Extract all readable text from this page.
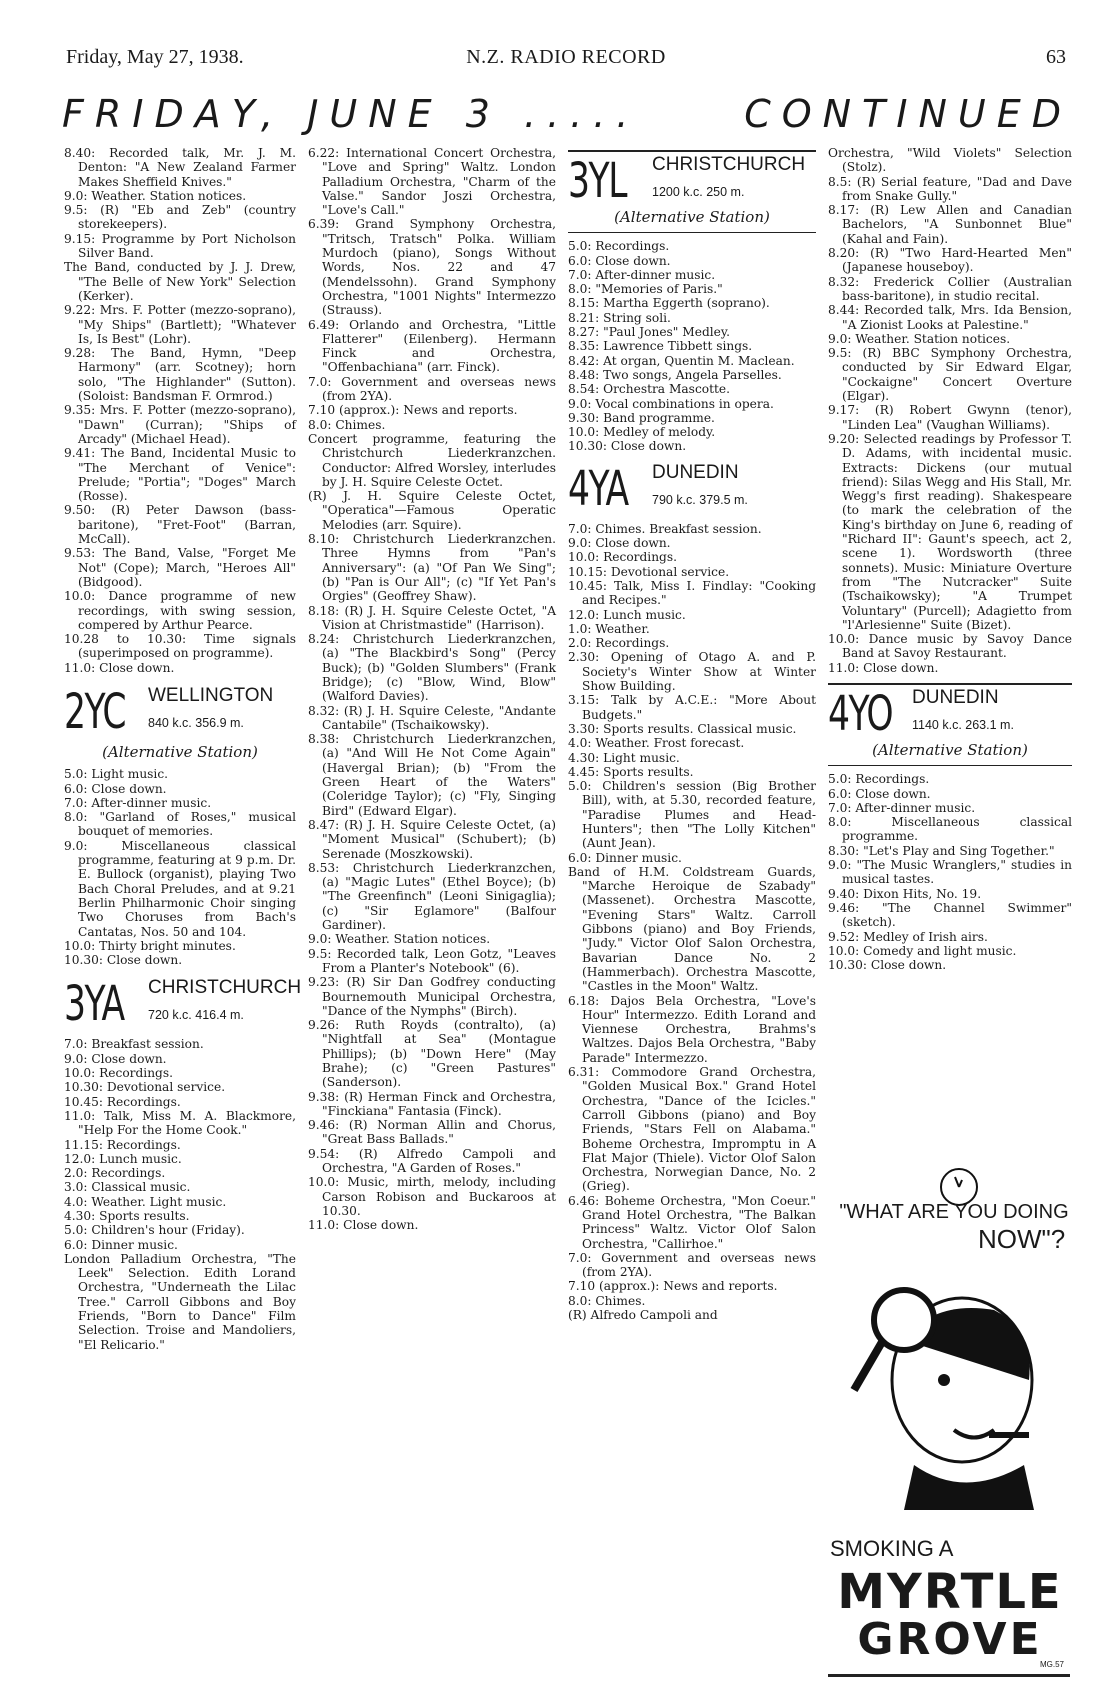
Friday, May 27, 1938.	N.Z. RADIO RECORD	63
FRIDAY, JUNE 3 .....	CONTINUED

8.40: Recorded talk, Mr. J. M. Denton: "A New Zealand Farmer Makes Sheffield Knives."

9.0: Weather. Station notices.

9.5: (R) "Eb and Zeb" (country storekeepers).

9.15: Programme by Port Nicholson Silver Band.

The Band, conducted by J. J. Drew, "The Belle of New York" Selection (Kerker).

9.22: Mrs. F. Potter (mezzo-soprano), "My Ships" (Bartlett); "Whatever Is, Is Best" (Lohr).

9.28: The Band, Hymn, "Deep Harmony" (arr. Scotney); horn solo, "The Highlander" (Sutton). (Soloist: Bandsman F. Ormrod.)

9.35: Mrs. F. Potter (mezzo-soprano), "Dawn" (Curran); "Ships of Arcady" (Michael Head).

9.41: The Band, Incidental Music to "The Merchant of Venice": Prelude; "Portia"; "Doges" March (Rosse).

9.50: (R) Peter Dawson (bass-baritone), "Fret-Foot" (Barran, McCall).

9.53: The Band, Valse, "Forget Me Not" (Cope); March, "Heroes All" (Bidgood).

10.0: Dance programme of new recordings, with swing session, compered by Arthur Pearce.

10.28 to 10.30: Time signals (superimposed on programme).

11.0: Close down.

2YC WELLINGTON
840 k.c. 356.9 m.
(Alternative Station)

5.0: Light music.

6.0: Close down.

7.0: After-dinner music.

8.0: "Garland of Roses," musical bouquet of memories.

9.0: Miscellaneous classical programme, featuring at 9 p.m. Dr. E. Bullock (organist), playing Two Bach Choral Preludes, and at 9.21 Berlin Philharmonic Choir singing Two Choruses from Bach's Cantatas, Nos. 50 and 104.

10.0: Thirty bright minutes.

10.30: Close down.

3YA CHRISTCHURCH
720 k.c. 416.4 m.

7.0: Breakfast session.

9.0: Close down.

10.0: Recordings.

10.30: Devotional service.

10.45: Recordings.

11.0: Talk, Miss M. A. Blackmore, "Help For the Home Cook."

11.15: Recordings.

12.0: Lunch music.

2.0: Recordings.

3.0: Classical music.

4.0: Weather. Light music.

4.30: Sports results.

5.0: Children's hour (Friday).

6.0: Dinner music.

London Palladium Orchestra, "The Leek" Selection. Edith Lorand Orchestra, "Underneath the Lilac Tree." Carroll Gibbons and Boy Friends, "Born to Dance" Film Selection. Troise and Mandoliers, "El Relicario."

6.22: International Concert Orchestra, "Love and Spring" Waltz. London Palladium Orchestra, "Charm of the Valse." Sandor Joszi Orchestra, "Love's Call."

6.39: Grand Symphony Orchestra, "Tritsch, Tratsch" Polka. William Murdoch (piano), Songs Without Words, Nos. 22 and 47 (Mendelssohn). Grand Symphony Orchestra, "1001 Nights" Intermezzo (Strauss).

6.49: Orlando and Orchestra, "Little Flatterer" (Eilenberg). Hermann Finck and Orchestra, "Offenbachiana" (arr. Finck).

7.0: Government and overseas news (from 2YA).

7.10 (approx.): News and reports.

8.0: Chimes.

Concert programme, featuring the Christchurch Liederkranzchen. Conductor: Alfred Worsley, interludes by J. H. Squire Celeste Octet.

(R) J. H. Squire Celeste Octet, "Operatica"—Famous Operatic Melodies (arr. Squire).

8.10: Christchurch Liederkranzchen. Three Hymns from "Pan's Anniversary": (a) "Of Pan We Sing"; (b) "Pan is Our All"; (c) "If Yet Pan's Orgies" (Geoffrey Shaw).

8.18: (R) J. H. Squire Celeste Octet, "A Vision at Christmastide" (Harrison).

8.24: Christchurch Liederkranzchen, (a) "The Blackbird's Song" (Percy Buck); (b) "Golden Slumbers" (Frank Bridge); (c) "Blow, Wind, Blow" (Walford Davies).

8.32: (R) J. H. Squire Celeste, "Andante Cantabile" (Tschaikowsky).

8.38: Christchurch Liederkranzchen, (a) "And Will He Not Come Again" (Havergal Brian); (b) "From the Green Heart of the Waters" (Coleridge Taylor); (c) "Fly, Singing Bird" (Edward Elgar).

8.47: (R) J. H. Squire Celeste Octet, (a) "Moment Musical" (Schubert); (b) Serenade (Moszkowski).

8.53: Christchurch Liederkranzchen, (a) "Magic Lutes" (Ethel Boyce); (b) "The Greenfinch" (Leoni Sinigaglia); (c) "Sir Eglamore" (Balfour Gardiner).

9.0: Weather. Station notices.

9.5: Recorded talk, Leon Gotz, "Leaves From a Planter's Notebook" (6).

9.23: (R) Sir Dan Godfrey conducting Bournemouth Municipal Orchestra, "Dance of the Nymphs" (Birch).

9.26: Ruth Royds (contralto), (a) "Nightfall at Sea" (Montague Phillips); (b) "Down Here" (May Brahe); (c) "Green Pastures" (Sanderson).

9.38: (R) Herman Finck and Orchestra, "Finckiana" Fantasia (Finck).

9.46: (R) Norman Allin and Chorus, "Great Bass Ballads."

9.54: (R) Alfredo Campoli and Orchestra, "A Garden of Roses."

10.0: Music, mirth, melody, including Carson Robison and Buckaroos at 10.30.

11.0: Close down.

3YL CHRISTCHURCH
1200 k.c. 250 m.
(Alternative Station)

5.0: Recordings.

6.0: Close down.

7.0: After-dinner music.

8.0: "Memories of Paris."

8.15: Martha Eggerth (soprano).

8.21: String soli.

8.27: "Paul Jones" Medley.

8.35: Lawrence Tibbett sings.

8.42: At organ, Quentin M. Maclean.

8.48: Two songs, Angela Parselles.

8.54: Orchestra Mascotte.

9.0: Vocal combinations in opera.

9.30: Band programme.

10.0: Medley of melody.

10.30: Close down.

4YA DUNEDIN
790 k.c. 379.5 m.

7.0: Chimes. Breakfast session.

9.0: Close down.

10.0: Recordings.

10.15: Devotional service.

10.45: Talk, Miss I. Findlay: "Cooking and Recipes."

12.0: Lunch music.

1.0: Weather.

2.0: Recordings.

2.30: Opening of Otago A. and P. Society's Winter Show at Winter Show Building.

3.15: Talk by A.C.E.: "More About Budgets."

3.30: Sports results. Classical music.

4.0: Weather. Frost forecast.

4.30: Light music.

4.45: Sports results.

5.0: Children's session (Big Brother Bill), with, at 5.30, recorded feature, "Paradise Plumes and Head-Hunters"; then "The Lolly Kitchen" (Aunt Jean).

6.0: Dinner music.

Band of H.M. Coldstream Guards, "Marche Heroique de Szabady" (Massenet). Orchestra Mascotte, "Evening Stars" Waltz. Carroll Gibbons (piano) and Boy Friends, "Judy." Victor Olof Salon Orchestra, Bavarian Dance No. 2 (Hammerbach). Orchestra Mascotte, "Castles in the Moon" Waltz.

6.18: Dajos Bela Orchestra, "Love's Hour" Intermezzo. Edith Lorand and Viennese Orchestra, Brahms's Waltzes. Dajos Bela Orchestra, "Baby Parade" Intermezzo.

6.31: Commodore Grand Orchestra, "Golden Musical Box." Grand Hotel Orchestra, "Dance of the Icicles." Carroll Gibbons (piano) and Boy Friends, "Stars Fell on Alabama." Boheme Orchestra, Impromptu in A Flat Major (Thiele). Victor Olof Salon Orchestra, Norwegian Dance, No. 2 (Grieg).

6.46: Boheme Orchestra, "Mon Coeur." Grand Hotel Orchestra, "The Balkan Princess" Waltz. Victor Olof Salon Orchestra, "Callirhoe."

7.0: Government and overseas news (from 2YA).

7.10 (approx.): News and reports.

8.0: Chimes.

(R) Alfredo Campoli and

Orchestra, "Wild Violets" Selection (Stolz).

8.5: (R) Serial feature, "Dad and Dave from Snake Gully."

8.17: (R) Lew Allen and Canadian Bachelors, "A Sunbonnet Blue" (Kahal and Fain).

8.20: (R) "Two Hard-Hearted Men" (Japanese houseboy).

8.32: Frederick Collier (Australian bass-baritone), in studio recital.

8.44: Recorded talk, Mrs. Ida Bension, "A Zionist Looks at Palestine."

9.0: Weather. Station notices.

9.5: (R) BBC Symphony Orchestra, conducted by Sir Edward Elgar, "Cockaigne" Concert Overture (Elgar).

9.17: (R) Robert Gwynn (tenor), "Linden Lea" (Vaughan Williams).

9.20: Selected readings by Professor T. D. Adams, with incidental music. Extracts: Dickens (our mutual friend): Silas Wegg and His Stall, Mr. Wegg's first reading). Shakespeare (to mark the celebration of the King's birthday on June 6, reading of "Richard II": Gaunt's speech, act 2, scene 1). Wordsworth (three sonnets). Music: Miniature Overture from "The Nutcracker" Suite (Tschaikowsky); "A Trumpet Voluntary" (Purcell); Adagietto from "l'Arlesienne" Suite (Bizet).

10.0: Dance music by Savoy Dance Band at Savoy Restaurant.

11.0: Close down.

4YO DUNEDIN
1140 k.c. 263.1 m.
(Alternative Station)

5.0: Recordings.

6.0: Close down.

7.0: After-dinner music.

8.0: Miscellaneous classical programme.

8.30: "Let's Play and Sing Together."

9.0: "The Music Wranglers," studies in musical tastes.

9.40: Dixon Hits, No. 19.

9.46: "The Channel Swimmer" (sketch).

9.52: Medley of Irish airs.

10.0: Comedy and light music.

10.30: Close down.

"WHAT ARE YOU DOING
NOW"?
SMOKING A
MYRTLE
GROVE
MG.57
